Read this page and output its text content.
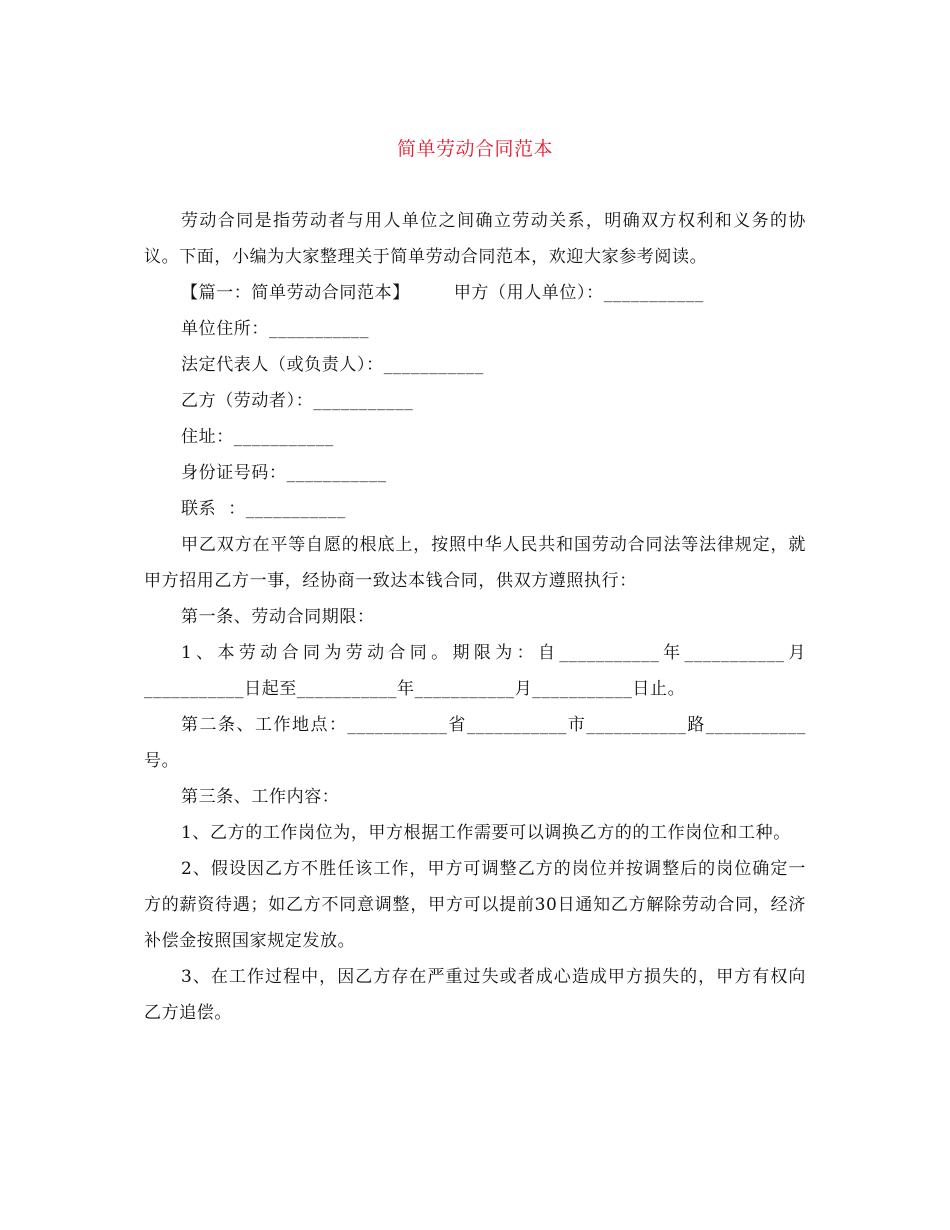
简单劳动合同范本

劳动合同是指劳动者与用人单位之间确立劳动关系，明确双方权利和义务的协议。下面，小编为大家整理关于简单劳动合同范本，欢迎大家参考阅读。

【篇一：简单劳动合同范本】	甲方（用人单位）：___________

单位住所：___________

法定代表人（或负责人）：___________

乙方（劳动者）：___________

住址：___________

身份证号码：___________

联系  ：___________

甲乙双方在平等自愿的根底上，按照中华人民共和国劳动合同法等法律规定，就甲方招用乙方一事，经协商一致达本钱合同，供双方遵照执行：

第一条、劳动合同期限：

1、本劳动合同为劳动合同。期限为：自___________年___________月___________日起至___________年___________月___________日止。

第二条、工作地点：___________省___________市___________路___________号。

第三条、工作内容：

1、乙方的工作岗位为，甲方根据工作需要可以调换乙方的的工作岗位和工种。

2、假设因乙方不胜任该工作，甲方可调整乙方的岗位并按调整后的岗位确定一方的薪资待遇；如乙方不同意调整，甲方可以提前30日通知乙方解除劳动合同，经济补偿金按照国家规定发放。

3、在工作过程中，因乙方存在严重过失或者成心造成甲方损失的，甲方有权向乙方追偿。
